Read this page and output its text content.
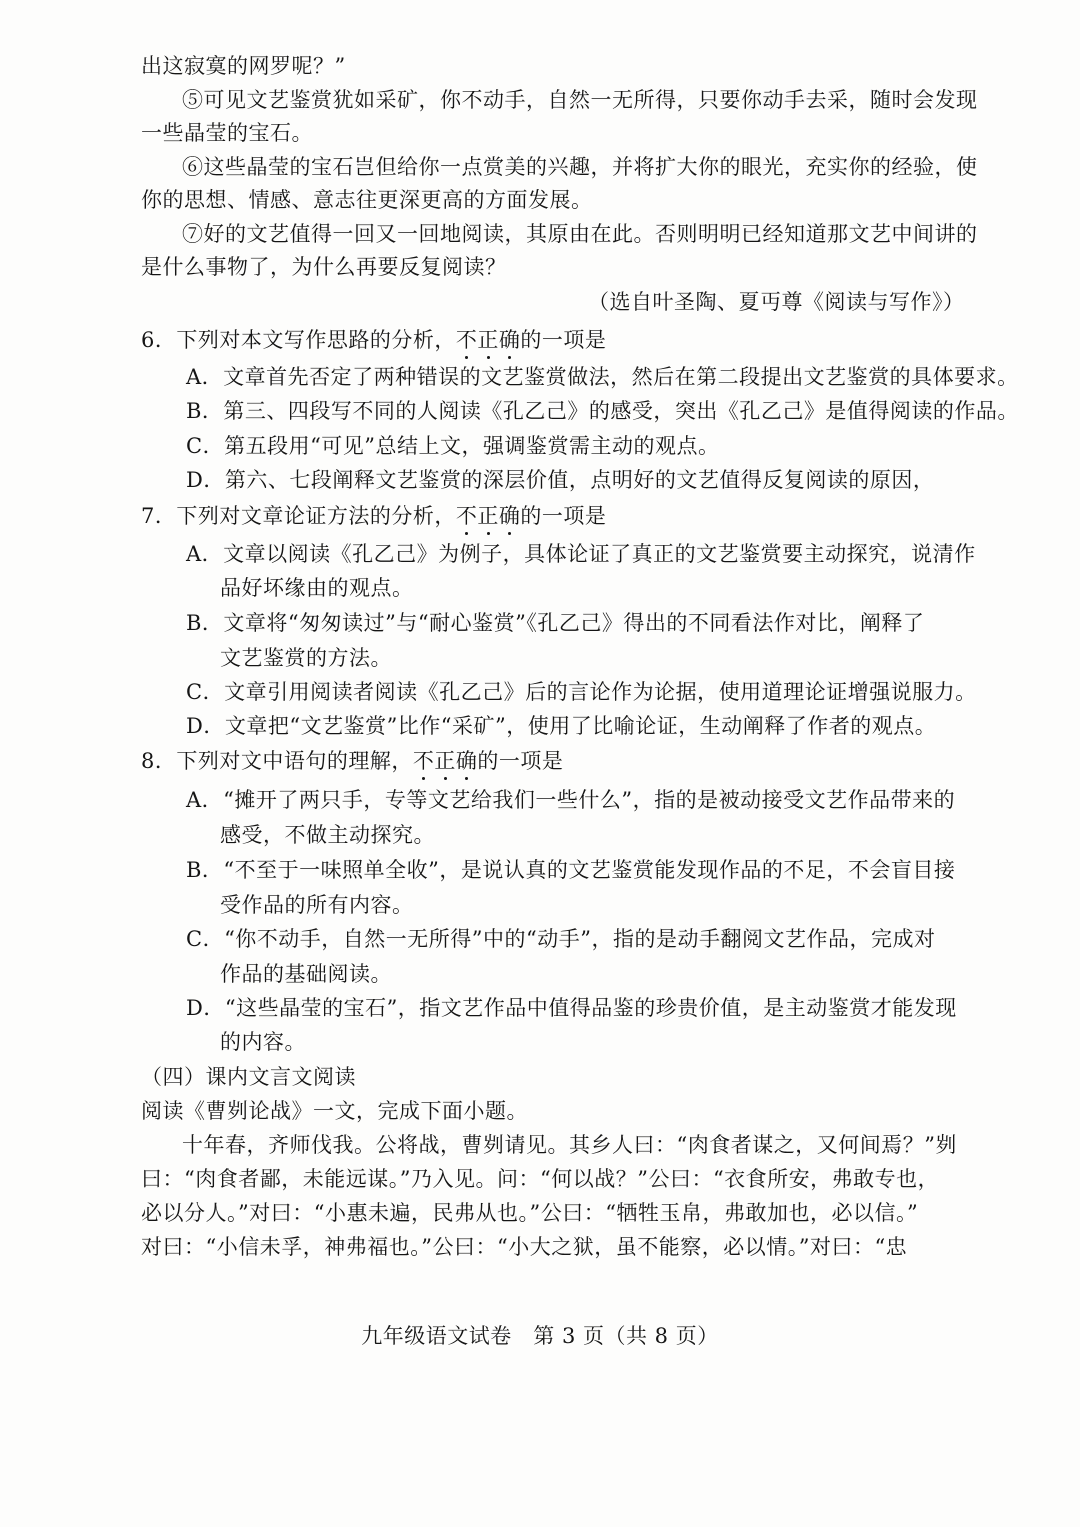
出这寂寞的网罗呢？”
⑤可见文艺鉴赏犹如采矿，你不动手，自然一无所得，只要你动手去采，随时会发现
一些晶莹的宝石。
⑥这些晶莹的宝石岂但给你一点赏美的兴趣，并将扩大你的眼光，充实你的经验，使
你的思想、情感、意志往更深更高的方面发展。
⑦好的文艺值得一回又一回地阅读，其原由在此。否则明明已经知道那文艺中间讲的
是什么事物了，为什么再要反复阅读？
（选自叶圣陶、夏丏尊《阅读与写作》）
6．下列对本文写作思路的分析，不正确的一项是
A．文章首先否定了两种错误的文艺鉴赏做法，然后在第二段提出文艺鉴赏的具体要求。
B．第三、四段写不同的人阅读《孔乙己》的感受，突出《孔乙己》是值得阅读的作品。
C．第五段用“可见”总结上文，强调鉴赏需主动的观点。
D．第六、七段阐释文艺鉴赏的深层价值，点明好的文艺值得反复阅读的原因，
7．下列对文章论证方法的分析，不正确的一项是
A．文章以阅读《孔乙己》为例子，具体论证了真正的文艺鉴赏要主动探究，说清作
品好坏缘由的观点。
B．文章将“匆匆读过”与“耐心鉴赏”《孔乙己》得出的不同看法作对比，阐释了
文艺鉴赏的方法。
C．文章引用阅读者阅读《孔乙己》后的言论作为论据，使用道理论证增强说服力。
D．文章把“文艺鉴赏”比作“采矿”，使用了比喻论证，生动阐释了作者的观点。
8．下列对文中语句的理解，不正确的一项是
A．“摊开了两只手，专等文艺给我们一些什么”，指的是被动接受文艺作品带来的
感受，不做主动探究。
B．“不至于一味照单全收”，是说认真的文艺鉴赏能发现作品的不足，不会盲目接
受作品的所有内容。
C．“你不动手，自然一无所得”中的“动手”，指的是动手翻阅文艺作品，完成对
作品的基础阅读。
D．“这些晶莹的宝石”，指文艺作品中值得品鉴的珍贵价值，是主动鉴赏才能发现
的内容。
（四）课内文言文阅读
阅读《曹刿论战》一文，完成下面小题。
十年春，齐师伐我。公将战，曹刿请见。其乡人曰：“肉食者谋之，又何间焉？”刿
曰：“肉食者鄙，未能远谋。”乃入见。问：“何以战？”公曰：“衣食所安，弗敢专也，
必以分人。”对曰：“小惠未遍，民弗从也。”公曰：“牺牲玉帛，弗敢加也，必以信。”
对曰：“小信未孚，神弗福也。”公曰：“小大之狱，虽不能察，必以情。”对曰：“忠
九年级语文试卷　第 3 页（共 8 页）
